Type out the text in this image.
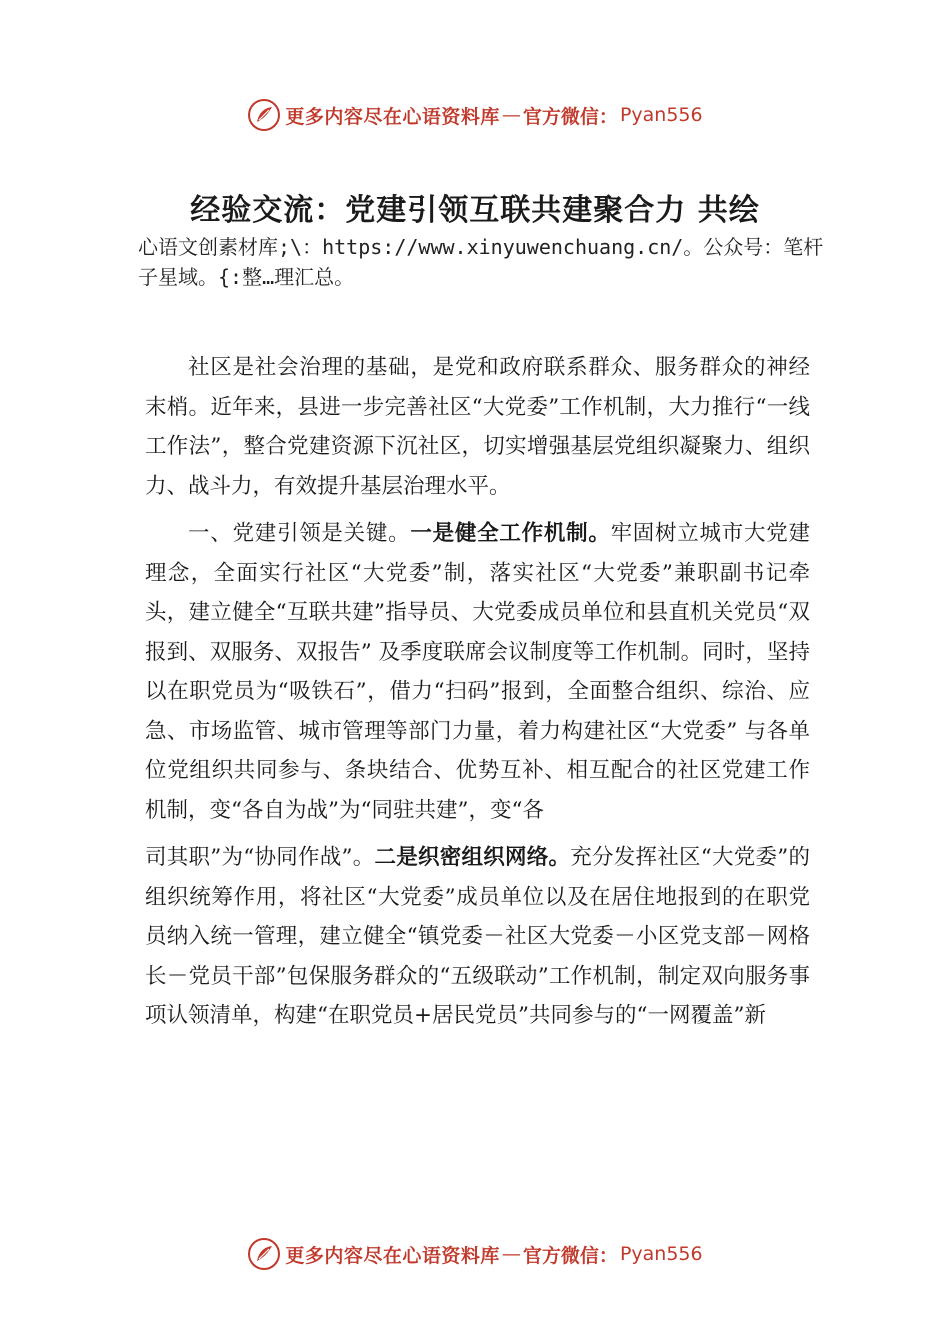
更多内容尽在心语资料库 — 官方微信： Pyan556
经验交流：党建引领互联共建聚合力 共绘
心语文创素材库;\：https://www.xinyuwenchuang.cn/。公众号：笔杆子星域。{:整…理汇总。

社区是社会治理的基础，是党和政府联系群众、服务群众的神经末梢。近年来，县进一步完善社区“大党委”工作机制，大力推行“一线工作法”，整合党建资源下沉社区，切实增强基层党组织凝聚力、组织力、战斗力，有效提升基层治理水平。

一、党建引领是关键。一是健全工作机制。牢固树立城市大党建理念，全面实行社区“大党委”制，落实社区“大党委”兼职副书记牵头，建立健全“互联共建”指导员、大党委成员单位和县直机关党员“双报到、双服务、双报告” 及季度联席会议制度等工作机制。同时，坚持以在职党员为“吸铁石”，借力“扫码”报到，全面整合组织、综治、应急、市场监管、城市管理等部门力量，着力构建社区“大党委” 与各单位党组织共同参与、条块结合、优势互补、相互配合的社区党建工作机制，变“各自为战”为“同驻共建”，变“各

司其职”为“协同作战”。二是织密组织网络。充分发挥社区“大党委”的组织统筹作用，将社区“大党委”成员单位以及在居住地报到的在职党员纳入统一管理，建立健全“镇党委－社区大党委－小区党支部－网格长－党员干部”包保服务群众的“五级联动”工作机制，制定双向服务事项认领清单，构建“在职党员+居民党员”共同参与的“一网覆盖”新

更多内容尽在心语资料库 — 官方微信： Pyan556
